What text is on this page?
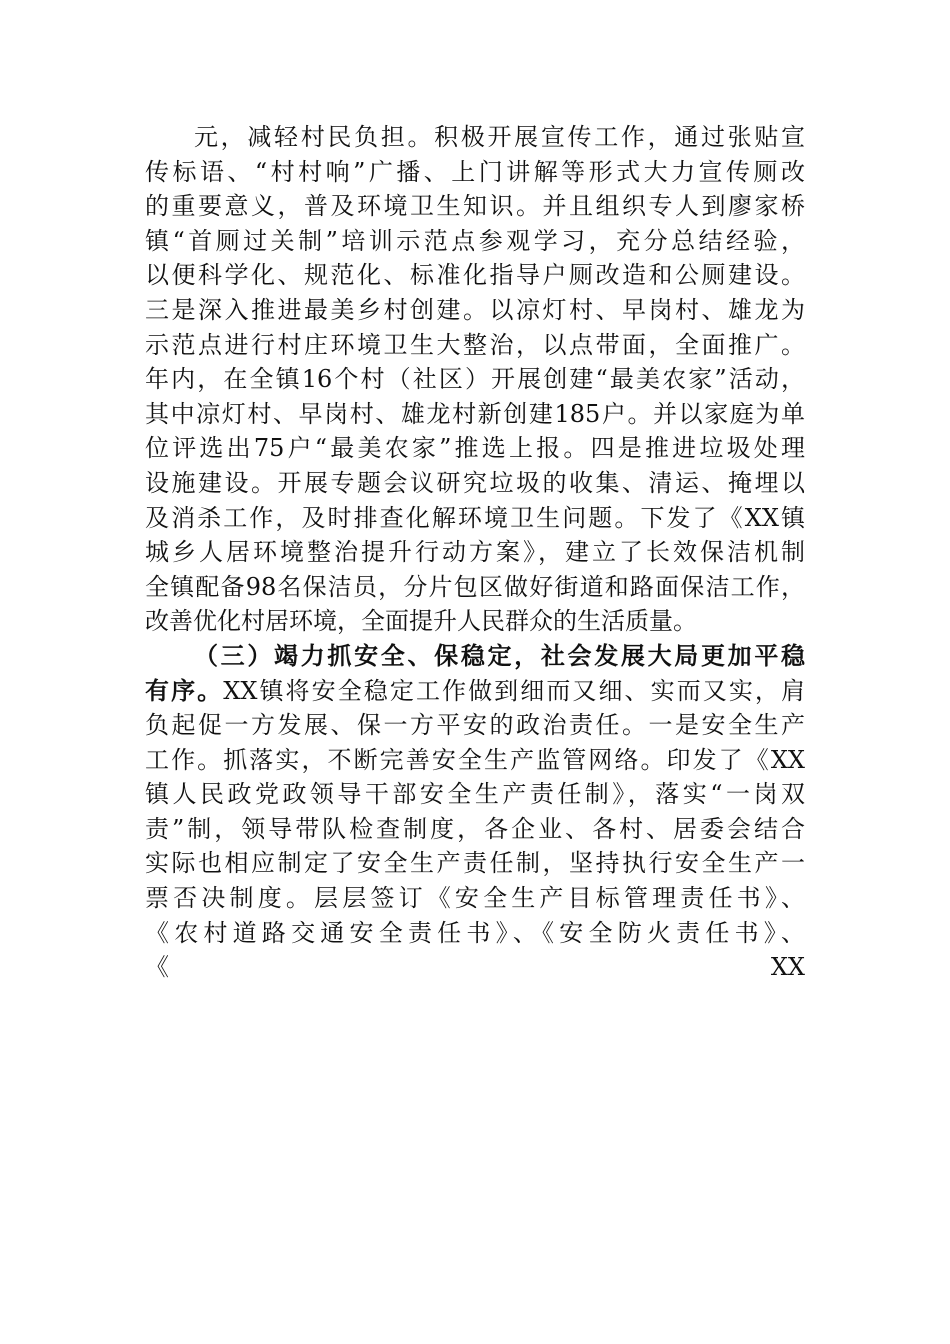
元，减轻村民负担。积极开展宣传工作，通过张贴宣
传标语、“村村响”广播、上门讲解等形式大力宣传厕改
的重要意义，普及环境卫生知识。并且组织专人到廖家桥
镇“首厕过关制”培训示范点参观学习，充分总结经验，
以便科学化、规范化、标准化指导户厕改造和公厕建设。
三是深入推进最美乡村创建。以凉灯村、早岗村、雄龙为
示范点进行村庄环境卫生大整治，以点带面，全面推广。
年内，在全镇16个村（社区）开展创建“最美农家”活动，
其中凉灯村、早岗村、雄龙村新创建185户。并以家庭为单
位评选出75户“最美农家”推选上报。四是推进垃圾处理
设施建设。开展专题会议研究垃圾的收集、清运、掩埋以
及消杀工作，及时排查化解环境卫生问题。下发了《XX镇
城乡人居环境整治提升行动方案》，建立了长效保洁机制
全镇配备98名保洁员，分片包区做好街道和路面保洁工作，
改善优化村居环境，全面提升人民群众的生活质量。
（三）竭力抓安全、保稳定，社会发展大局更加平稳
有序。XX镇将安全稳定工作做到细而又细、实而又实，肩
负起促一方发展、保一方平安的政治责任。一是安全生产
工作。抓落实，不断完善安全生产监管网络。印发了《XX
镇人民政党政领导干部安全生产责任制》，落实“一岗双
责”制，领导带队检查制度，各企业、各村、居委会结合
实际也相应制定了安全生产责任制，坚持执行安全生产一
票否决制度。层层签订《安全生产目标管理责任书》、
《农村道路交通安全责任书》、《安全防火责任书》、
《XX
